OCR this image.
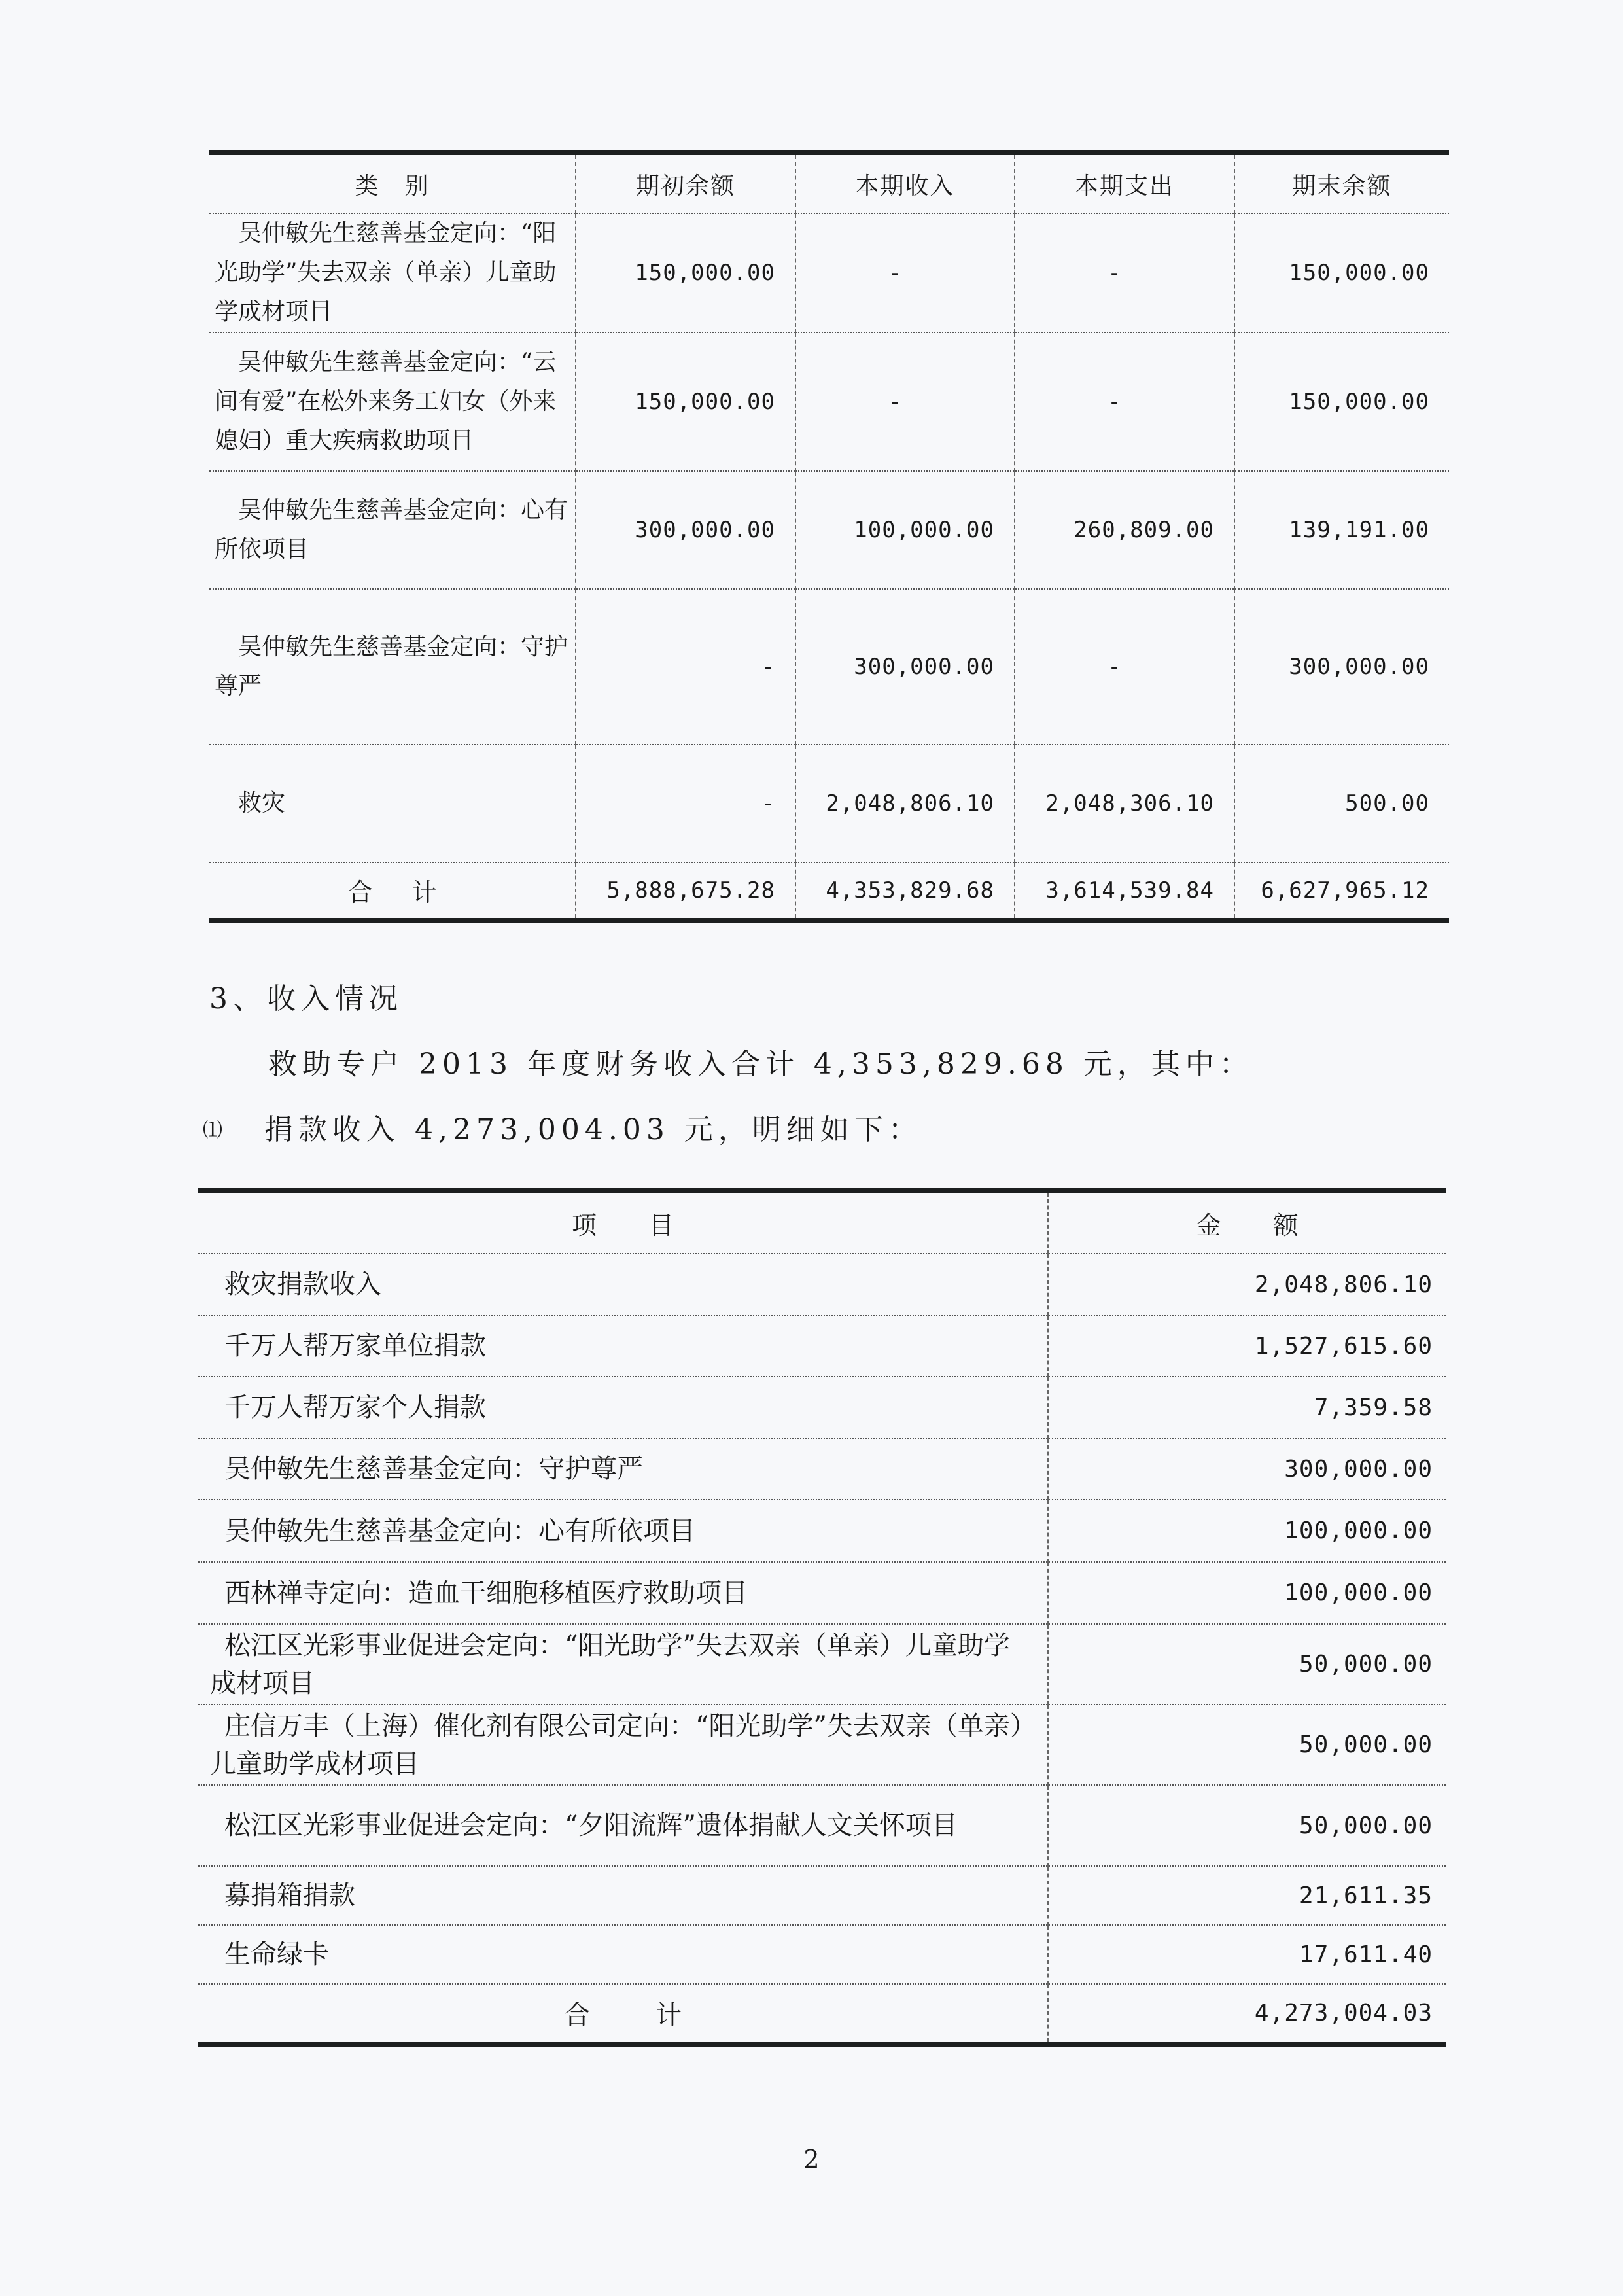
类　别	期初余额	本期收入	本期支出	期末余额
吴仲敏先生慈善基金定向：“阳光助学”失去双亲（单亲）儿童助学成材项目	150,000.00	-	-	150,000.00
吴仲敏先生慈善基金定向：“云间有爱”在松外来务工妇女（外来媳妇）重大疾病救助项目	150,000.00	-	-	150,000.00
吴仲敏先生慈善基金定向：心有所依项目	300,000.00	100,000.00	260,809.00	139,191.00
吴仲敏先生慈善基金定向：守护尊严	-	300,000.00	-	300,000.00
救灾	-	2,048,806.10	2,048,306.10	500.00
合计	5,888,675.28	4,353,829.68	3,614,539.84	6,627,965.12
3、收入情况
救助专户 2013 年度财务收入合计 4,353,829.68 元，其中：
⑴ 捐款收入 4,273,004.03 元，明细如下：
项目	金额
救灾捐款收入	2,048,806.10
千万人帮万家单位捐款	1,527,615.60
千万人帮万家个人捐款	7,359.58
吴仲敏先生慈善基金定向：守护尊严	300,000.00
吴仲敏先生慈善基金定向：心有所依项目	100,000.00
西林禅寺定向：造血干细胞移植医疗救助项目	100,000.00
松江区光彩事业促进会定向：“阳光助学”失去双亲（单亲）儿童助学成材项目	50,000.00
庄信万丰（上海）催化剂有限公司定向：“阳光助学”失去双亲（单亲）儿童助学成材项目	50,000.00
松江区光彩事业促进会定向：“夕阳流辉”遗体捐献人文关怀项目	50,000.00
募捐箱捐款	21,611.35
生命绿卡	17,611.40
合计	4,273,004.03
2
